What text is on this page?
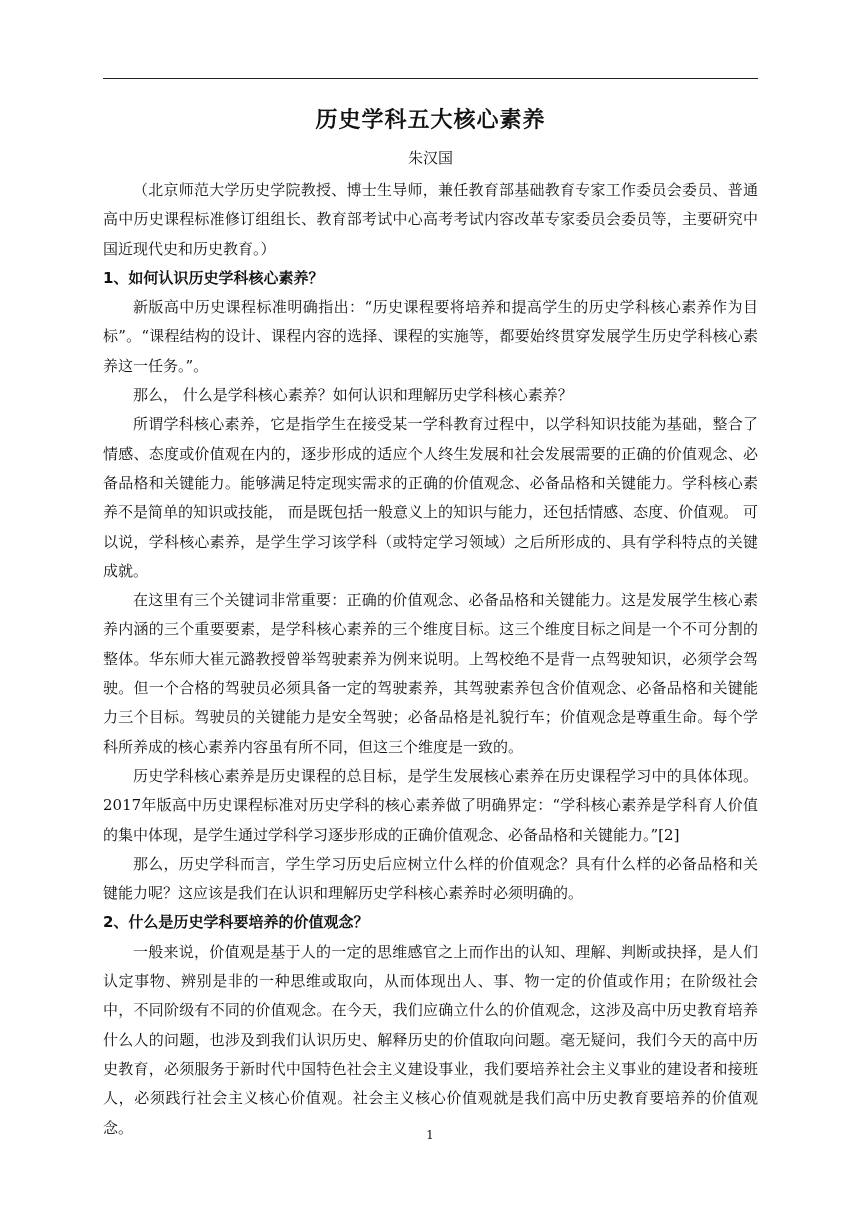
历史学科五大核心素养
朱汉国

（北京师范大学历史学院教授、博士生导师，兼任教育部基础教育专家工作委员会委员、普通高中历史课程标准修订组组长、教育部考试中心高考考试内容改革专家委员会委员等，主要研究中国近现代史和历史教育。）

1、如何认识历史学科核心素养？

新版高中历史课程标准明确指出：“历史课程要将培养和提高学生的历史学科核心素养作为目标”。“课程结构的设计、课程内容的选择、课程的实施等，都要始终贯穿发展学生历史学科核心素养这一任务。”。

那么， 什么是学科核心素养？如何认识和理解历史学科核心素养？

所谓学科核心素养，它是指学生在接受某一学科教育过程中，以学科知识技能为基础，整合了情感、态度或价值观在内的，逐步形成的适应个人终生发展和社会发展需要的正确的价值观念、必备品格和关键能力。能够满足特定现实需求的正确的价值观念、必备品格和关键能力。学科核心素养不是简单的知识或技能， 而是既包括一般意义上的知识与能力，还包括情感、态度、价值观。 可以说，学科核心素养，是学生学习该学科（或特定学习领域）之后所形成的、具有学科特点的关键成就。

在这里有三个关键词非常重要：正确的价值观念、必备品格和关键能力。这是发展学生核心素养内涵的三个重要要素，是学科核心素养的三个维度目标。这三个维度目标之间是一个不可分割的整体。华东师大崔元潞教授曾举驾驶素养为例来说明。上驾校绝不是背一点驾驶知识，必须学会驾驶。但一个合格的驾驶员必须具备一定的驾驶素养，其驾驶素养包含价值观念、必备品格和关键能力三个目标。驾驶员的关键能力是安全驾驶；必备品格是礼貌行车；价值观念是尊重生命。每个学科所养成的核心素养内容虽有所不同，但这三个维度是一致的。

历史学科核心素养是历史课程的总目标，是学生发展核心素养在历史课程学习中的具体体现。2017年版高中历史课程标准对历史学科的核心素养做了明确界定：“学科核心素养是学科育人价值的集中体现，是学生通过学科学习逐步形成的正确价值观念、必备品格和关键能力。”[2]

那么，历史学科而言，学生学习历史后应树立什么样的价值观念？具有什么样的必备品格和关键能力呢？这应该是我们在认识和理解历史学科核心素养时必须明确的。

2、什么是历史学科要培养的价值观念？

一般来说，价值观是基于人的一定的思维感官之上而作出的认知、理解、判断或抉择，是人们认定事物、辨别是非的一种思维或取向，从而体现出人、事、物一定的价值或作用；在阶级社会中，不同阶级有不同的价值观念。在今天，我们应确立什么的价值观念，这涉及高中历史教育培养什么人的问题，也涉及到我们认识历史、解释历史的价值取向问题。毫无疑问，我们今天的高中历史教育，必须服务于新时代中国特色社会主义建设事业，我们要培养社会主义事业的建设者和接班人，必须践行社会主义核心价值观。社会主义核心价值观就是我们高中历史教育要培养的价值观念。	1
